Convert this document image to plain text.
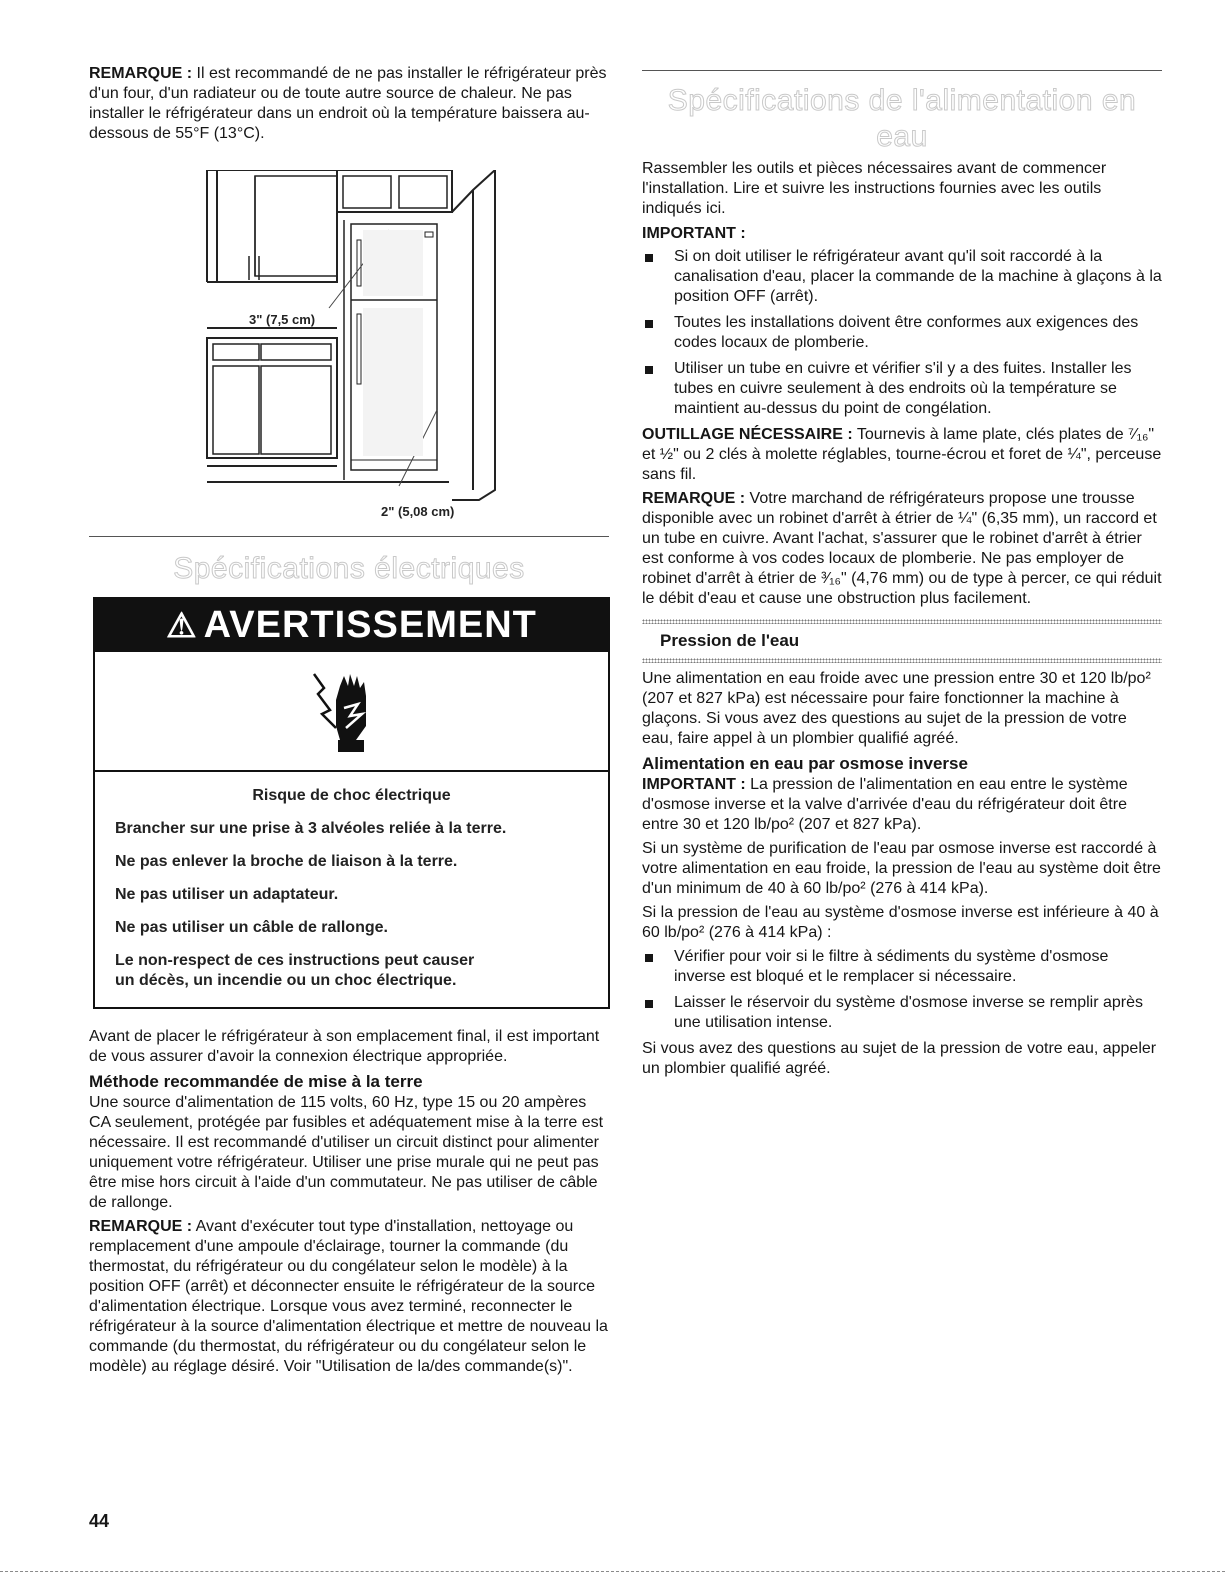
REMARQUE : Il est recommandé de ne pas installer le réfrigérateur près d'un four, d'un radiateur ou de toute autre source de chaleur. Ne pas installer le réfrigérateur dans un endroit où la température baissera au-dessous de 55°F (13°C).

3" (7,5 cm)
2" (5,08 cm)
Spécifications électriques
⚠ AVERTISSEMENT

Risque de choc électrique

Brancher sur une prise à 3 alvéoles reliée à la terre.

Ne pas enlever la broche de liaison à la terre.

Ne pas utiliser un adaptateur.

Ne pas utiliser un câble de rallonge.

Le non-respect de ces instructions peut causer

un décès, un incendie ou un choc électrique.

Avant de placer le réfrigérateur à son emplacement final, il est important de vous assurer d'avoir la connexion électrique appropriée.

Méthode recommandée de mise à la terre

Une source d'alimentation de 115 volts, 60 Hz, type 15 ou 20 ampères CA seulement, protégée par fusibles et adéquatement mise à la terre est nécessaire. Il est recommandé d'utiliser un circuit distinct pour alimenter uniquement votre réfrigérateur. Utiliser une prise murale qui ne peut pas être mise hors circuit à l'aide d'un commutateur. Ne pas utiliser de câble de rallonge.

REMARQUE : Avant d'exécuter tout type d'installation, nettoyage ou remplacement d'une ampoule d'éclairage, tourner la commande (du thermostat, du réfrigérateur ou du congélateur selon le modèle) à la position OFF (arrêt) et déconnecter ensuite le réfrigérateur de la source d'alimentation électrique. Lorsque vous avez terminé, reconnecter le réfrigérateur à la source d'alimentation électrique et mettre de nouveau la commande (du thermostat, du réfrigérateur ou du congélateur selon le modèle) au réglage désiré. Voir "Utilisation de la/des commande(s)".

Spécifications de l'alimentation en eau

Rassembler les outils et pièces nécessaires avant de commencer l'installation. Lire et suivre les instructions fournies avec les outils indiqués ici.

IMPORTANT :
Si on doit utiliser le réfrigérateur avant qu'il soit raccordé à la canalisation d'eau, placer la commande de la machine à glaçons à la position OFF (arrêt).
Toutes les installations doivent être conformes aux exigences des codes locaux de plomberie.
Utiliser un tube en cuivre et vérifier s'il y a des fuites. Installer les tubes en cuivre seulement à des endroits où la température se maintient au-dessus du point de congélation.

OUTILLAGE NÉCESSAIRE : Tournevis à lame plate, clés plates de ⁷⁄₁₆" et ½" ou 2 clés à molette réglables, tourne-écrou et foret de ¼", perceuse sans fil.

REMARQUE : Votre marchand de réfrigérateurs propose une trousse disponible avec un robinet d'arrêt à étrier de ¼" (6,35 mm), un raccord et un tube en cuivre. Avant l'achat, s'assurer que le robinet d'arrêt à étrier est conforme à vos codes locaux de plomberie. Ne pas employer de robinet d'arrêt à étrier de ³⁄₁₆" (4,76 mm) ou de type à percer, ce qui réduit le débit d'eau et cause une obstruction plus facilement.

Pression de l'eau

Une alimentation en eau froide avec une pression entre 30 et 120 lb/po² (207 et 827 kPa) est nécessaire pour faire fonctionner la machine à glaçons. Si vous avez des questions au sujet de la pression de votre eau, faire appel à un plombier qualifié agréé.

Alimentation en eau par osmose inverse

IMPORTANT : La pression de l'alimentation en eau entre le système d'osmose inverse et la valve d'arrivée d'eau du réfrigérateur doit être entre 30 et 120 lb/po² (207 et 827 kPa).

Si un système de purification de l'eau par osmose inverse est raccordé à votre alimentation en eau froide, la pression de l'eau au système doit être d'un minimum de 40 à 60 lb/po² (276 à 414 kPa).

Si la pression de l'eau au système d'osmose inverse est inférieure à 40 à 60 lb/po² (276 à 414 kPa) :

Vérifier pour voir si le filtre à sédiments du système d'osmose inverse est bloqué et le remplacer si nécessaire.
Laisser le réservoir du système d'osmose inverse se remplir après une utilisation intense.

Si vous avez des questions au sujet de la pression de votre eau, appeler un plombier qualifié agréé.

44
